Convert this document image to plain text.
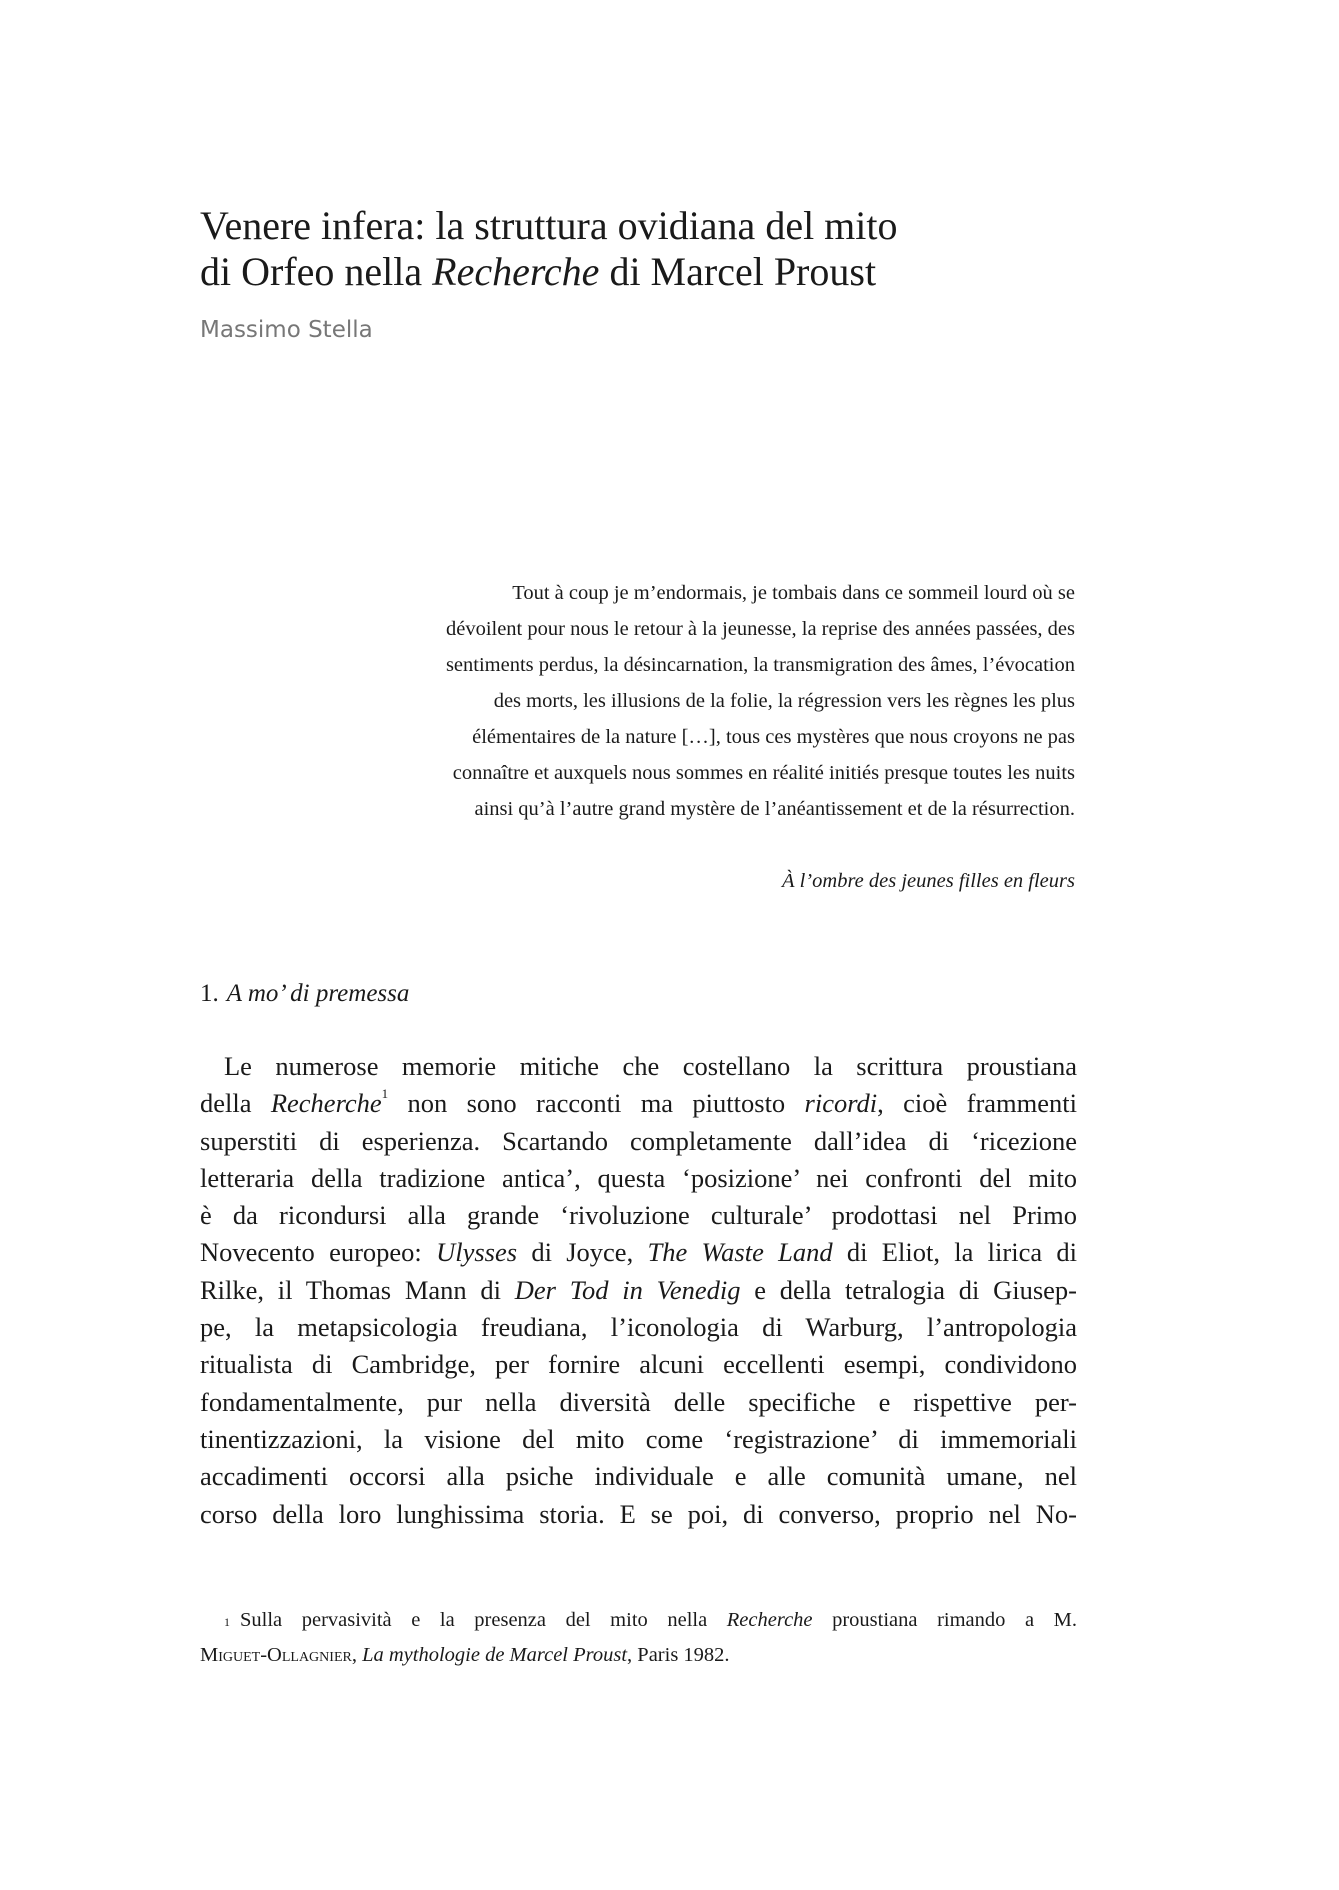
Venere infera: la struttura ovidiana del mito
di Orfeo nella Recherche di Marcel Proust
Massimo Stella
Tout à coup je m’endormais, je tombais dans ce sommeil lourd où se
dévoilent pour nous le retour à la jeunesse, la reprise des années passées, des
sentiments perdus, la désincarnation, la transmigration des âmes, l’évocation
des morts, les illusions de la folie, la régression vers les règnes les plus
élémentaires de la nature […], tous ces mystères que nous croyons ne pas
connaître et auxquels nous sommes en réalité initiés presque toutes les nuits
ainsi qu’à l’autre grand mystère de l’anéantissement et de la résurrection.
À l’ombre des jeunes filles en fleurs
1. A mo’ di premessa
Le numerose memorie mitiche che costellano la scrittura proustiana
della Recherche$^1$ non sono racconti ma piuttosto ricordi, cioè frammenti
superstiti di esperienza. Scartando completamente dall’idea di ‘ricezione
letteraria della tradizione antica’, questa ‘posizione’ nei confronti del mito
è da ricondursi alla grande ‘rivoluzione culturale’ prodottasi nel Primo
Novecento europeo: Ulysses di Joyce, The Waste Land di Eliot, la lirica di
Rilke, il Thomas Mann di Der Tod in Venedig e della tetralogia di Giusep-
pe, la metapsicologia freudiana, l’iconologia di Warburg, l’antropologia
ritualista di Cambridge, per fornire alcuni eccellenti esempi, condividono
fondamentalmente, pur nella diversità delle specifiche e rispettive per-
tinentizzazioni, la visione del mito come ‘registrazione’ di immemoriali
accadimenti occorsi alla psiche individuale e alle comunità umane, nel
corso della loro lunghissima storia. E se poi, di converso, proprio nel No-
$^1$ Sulla pervasività e la presenza del mito nella Recherche proustiana rimando a M.
Miguet-Ollagnier, La mythologie de Marcel Proust, Paris 1982.
